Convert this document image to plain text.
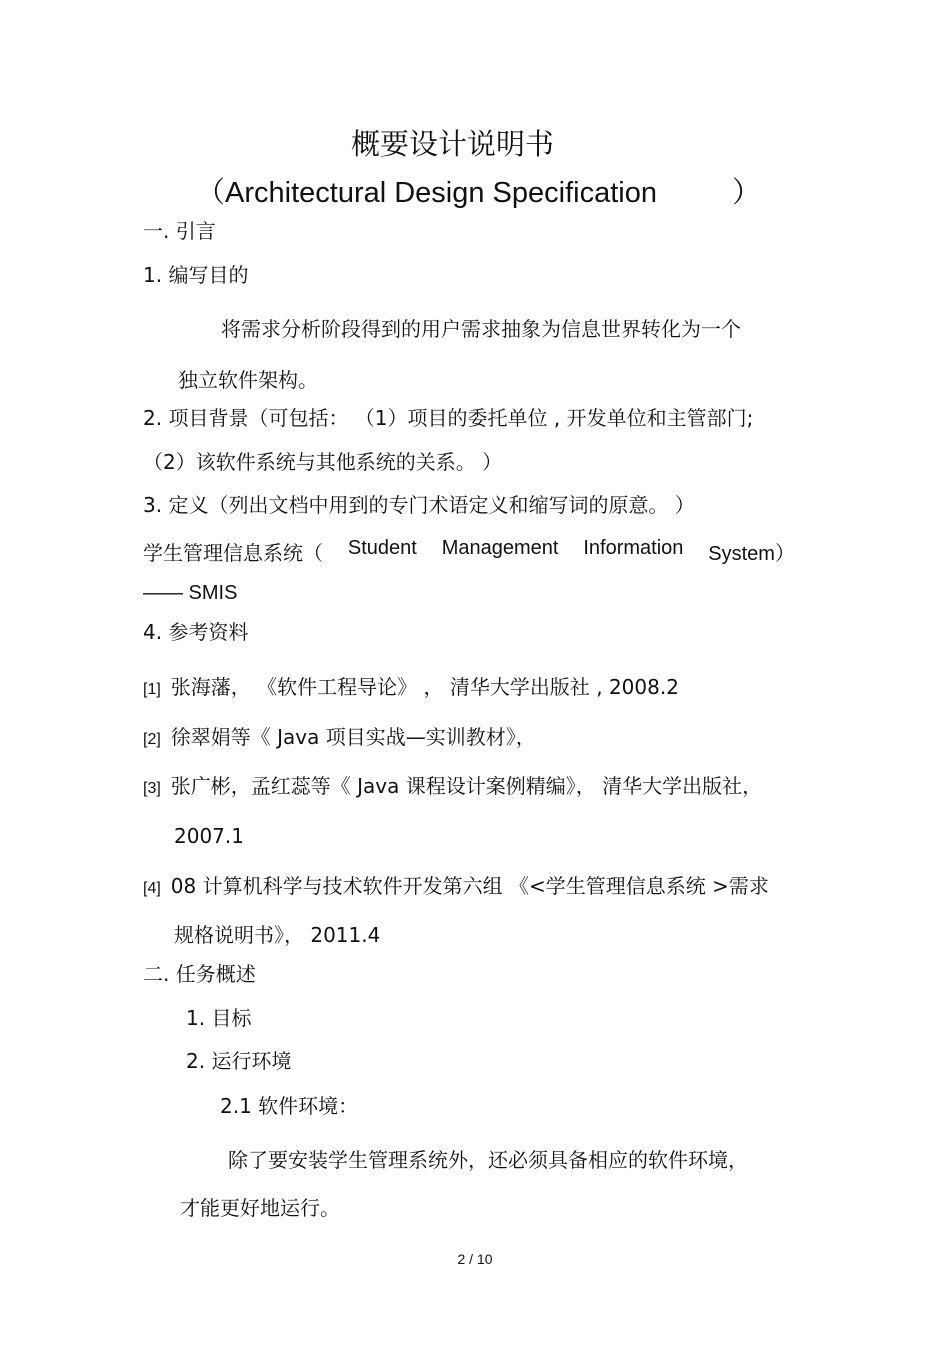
概要设计说明书
（Architectural Design Specification	）
一. 引言
1. 编写目的
将需求分析阶段得到的用户需求抽象为信息世界转化为一个
独立软件架构。
2. 项目背景（可包括： （1）项目的委托单位 , 开发单位和主管部门;
（2）该软件系统与其他系统的关系。 ）
3. 定义（列出文档中用到的专门术语定义和缩写词的原意。 ）
学生管理信息系统（ Student Management Information System）
—— SMIS
4. 参考资料
[1] 张海藩， 《软件工程导论》 ， 清华大学出版社 , 2008.2
[2] 徐翠娟等《 Java 项目实战—实训教材》，
[3] 张广彬，孟红蕊等《 Java 课程设计案例精编》， 清华大学出版社，
2007.1
[4] 08 计算机科学与技术软件开发第六组 《<学生管理信息系统 >需求
规格说明书》， 2011.4
二. 任务概述
1. 目标
2. 运行环境
2.1 软件环境：
除了要安装学生管理系统外，还必须具备相应的软件环境，
才能更好地运行。
2 / 10
